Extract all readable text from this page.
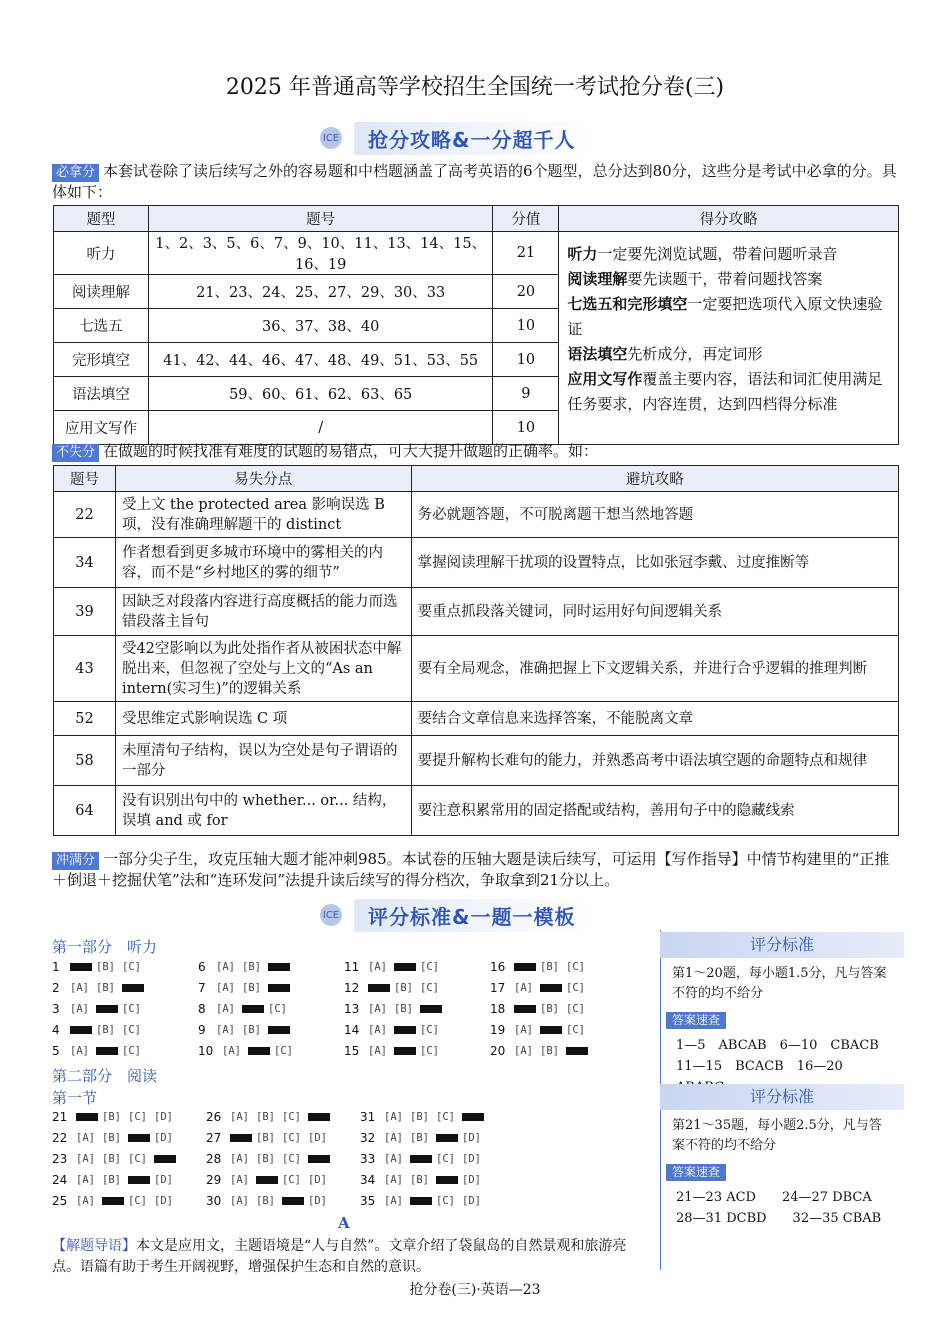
2025 年普通高等学校招生全国统一考试抢分卷(三)
ICE	抢分攻略&一分超千人
必拿分 本套试卷除了读后续写之外的容易题和中档题涵盖了高考英语的6个题型，总分达到80分，这些分是考试中必拿的分。具体如下：
题型	题号	分值	得分攻略
听力	1、2、3、5、6、7、9、10、11、13、14、15、16、19	21	听力一定要先浏览试题，带着问题听录音
阅读理解要先读题干，带着问题找答案
七选五和完形填空一定要把选项代入原文快速验证
语法填空先析成分，再定词形
应用文写作覆盖主要内容，语法和词汇使用满足任务要求，内容连贯，达到四档得分标准

阅读理解	21、23、24、25、27、29、30、33	20	
七选五	36、37、38、40	10	
完形填空	41、42、44、46、47、48、49、51、53、55	10	
语法填空	59、60、61、62、63、65	9	
应用文写作	/	10	
不失分 在做题的时候找准有难度的试题的易错点，可大大提升做题的正确率。如：
题号	易失分点	避坑攻略
22	受上文 the protected area 影响误选 B 项，没有准确理解题干的 distinct	务必就题答题，不可脱离题干想当然地答题
34	作者想看到更多城市环境中的雾相关的内容，而不是“乡村地区的雾的细节”	掌握阅读理解干扰项的设置特点，比如张冠李戴、过度推断等
39	因缺乏对段落内容进行高度概括的能力而选错段落主旨句	要重点抓段落关键词，同时运用好句间逻辑关系
43	受42空影响以为此处指作者从被困状态中解脱出来，但忽视了空处与上文的“As an intern(实习生)”的逻辑关系	要有全局观念，准确把握上下文逻辑关系，并进行合乎逻辑的推理判断
52	受思维定式影响误选 C 项	要结合文章信息来选择答案，不能脱离文章
58	未厘清句子结构，误以为空处是句子谓语的一部分	要提升解构长难句的能力，并熟悉高考中语法填空题的命题特点和规律
64	没有识别出句中的 whether... or... 结构，误填 and 或 for	要注意积累常用的固定搭配或结构，善用句子中的隐藏线索
冲满分 一部分尖子生，攻克压轴大题才能冲刺985。本试卷的压轴大题是读后续写，可运用【写作指导】中情节构建里的“正推＋倒退＋挖掘伏笔”法和“连环发问”法提升读后续写的得分档次，争取拿到21分以上。
ICE	评分标准&一题一模板
第一部分　听力
1	[B] [C]
2 [A] [B]
3 [A]	[C]
4	[B] [C]
5 [A]	[C]
6 [A] [B]
7 [A] [B]
8 [A]	[C]
9 [A] [B]
10 [A]	[C]
11 [A]	[C]
12	[B] [C]
13 [A] [B]
14 [A]	[C]
15 [A]	[C]
16	[B] [C]
17 [A]	[C]
18	[B] [C]
19 [A]	[C]
20 [A] [B]
第二部分　阅读
第一节
21	[B] [C] [D]
22 [A] [B]	[D]
23 [A] [B] [C]
24 [A] [B]	[D]
25 [A]	[C] [D]
26 [A] [B] [C]
27	[B] [C] [D]
28 [A] [B] [C]
29 [A]	[C] [D]
30 [A] [B]	[D]
31 [A] [B] [C]
32 [A] [B]	[D]
33 [A]	[C] [D]
34 [A] [B]	[D]
35 [A]	[C] [D]
评分标准
第1～20题，每小题1.5分，凡与答案不符的均不给分
答案速查
1—5　ABCAB　6—10　CBACB
11—15　BCACB　16—20　
评分标准
第21～35题，每小题2.5分，凡与答案不符的均不给分
答案速查
21—23 ACD　　24—27 DBCA
28—31 DCBD　　32—35 CBAB
A
【解题导语】本文是应用文，主题语境是“人与自然”。文章介绍了袋鼠岛的自然景观和旅游亮点。语篇有助于考生开阔视野，增强保护生态和自然的意识。
抢分卷(三)·英语—23
